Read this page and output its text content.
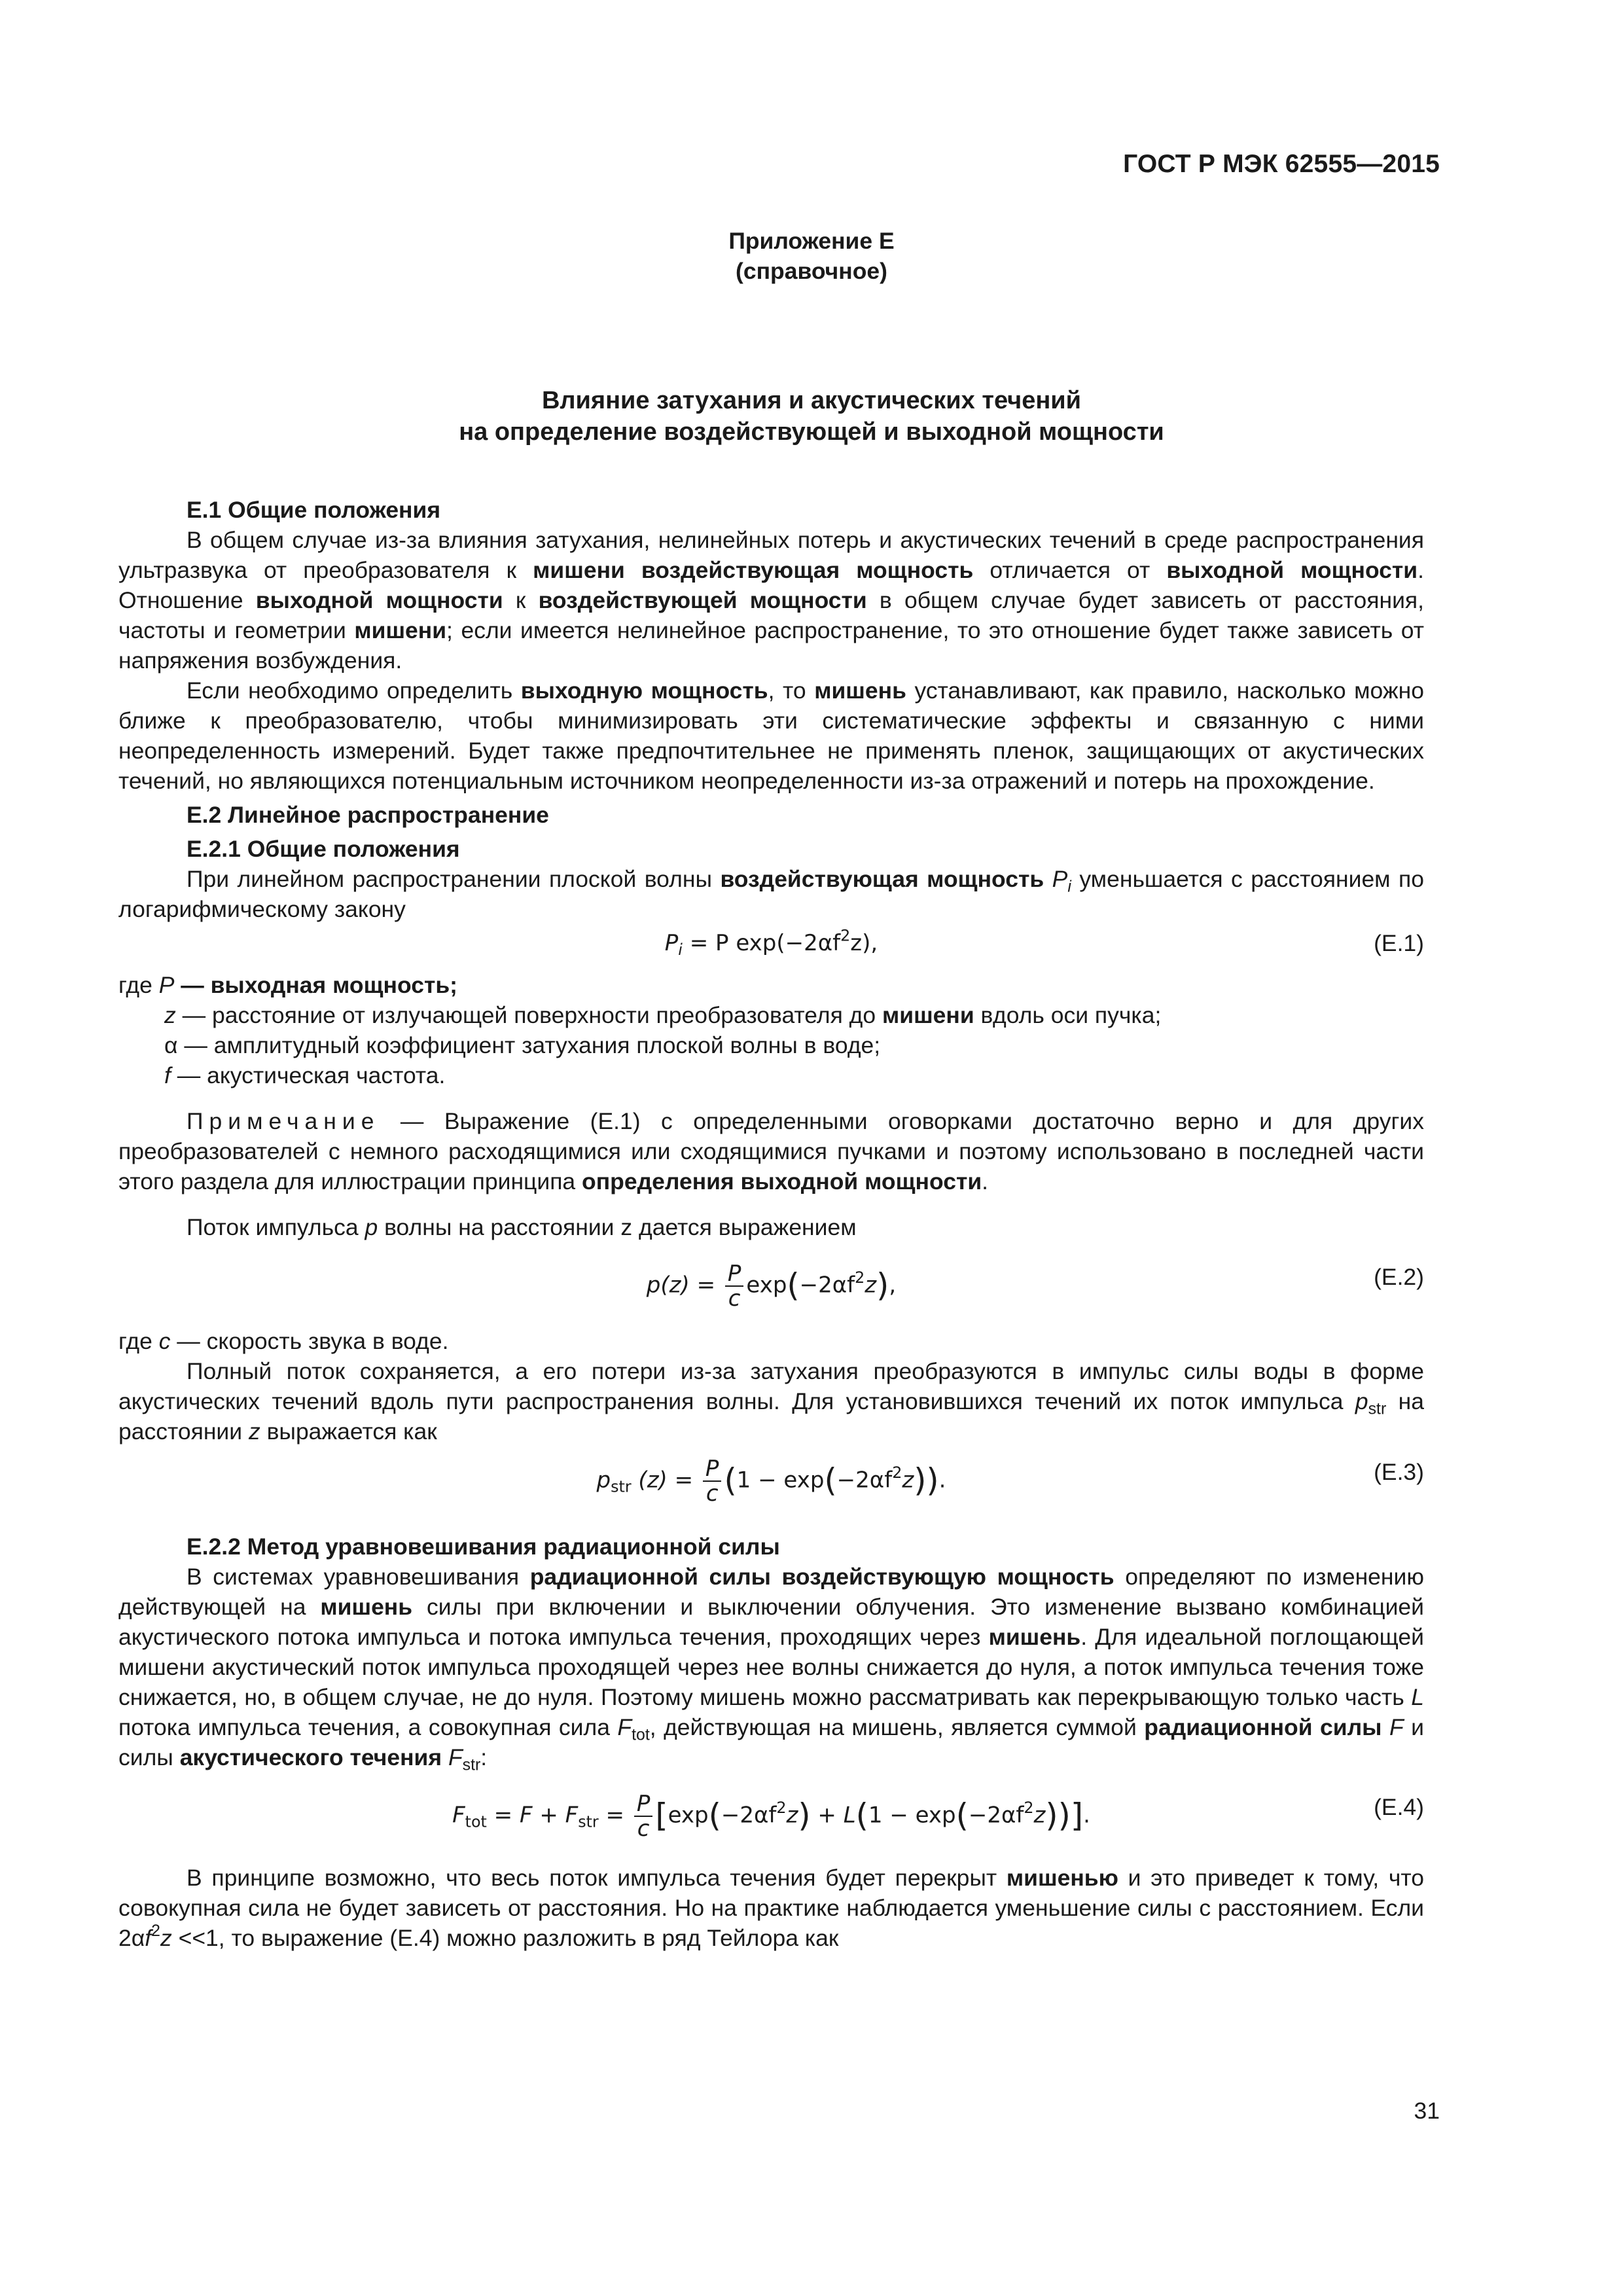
ГОСТ Р МЭК 62555—2015
Приложение Е
(справочное)
Влияние затухания и акустических течений
на определение воздействующей и выходной мощности
Е.1 Общие положения

В общем случае из-за влияния затухания, нелинейных потерь и акустических течений в среде распространения ультразвука от преобразователя к мишени воздействующая мощность отличается от выходной мощности. Отношение выходной мощности к воздействующей мощности в общем случае будет зависеть от расстояния, частоты и геометрии мишени; если имеется нелинейное распространение, то это отношение будет также зависеть от напряжения возбуждения.

Если необходимо определить выходную мощность, то мишень устанавливают, как правило, насколько можно ближе к преобразователю, чтобы минимизировать эти систематические эффекты и связанную с ними неопределенность измерений. Будет также предпочтительнее не применять пленок, защищающих от акустических течений, но являющихся потенциальным источником неопределенности из-за отражений и потерь на прохождение.

Е.2 Линейное распространение
Е.2.1 Общие положения

При линейном распространении плоской волны воздействующая мощность $P_i$ уменьшается с расстоянием по логарифмическому закону

$P_i = P$ $\exp(-2\alpha f^2z)$,	(Е.1)

где P — выходная мощность;

z — расстояние от излучающей поверхности преобразователя до мишени вдоль оси пучка;
α — амплитудный коэффициент затухания плоской волны в воде;
f — акустическая частота.

Примечание — Выражение (Е.1) с определенными оговорками достаточно верно и для других преобразователей с немного расходящимися или сходящимися пучками и поэтому использовано в последней части этого раздела для иллюстрации принципа определения выходной мощности.

Поток импульса p волны на расстоянии z дается выражением

$p(z) = \frac{P}{c} \exp(-2\alpha f^2z)$,	(Е.2)

где c — скорость звука в воде.

Полный поток сохраняется, а его потери из-за затухания преобразуются в импульс силы воды в форме акустических течений вдоль пути распространения волны. Для установившихся течений их поток импульса $p_{str}$ на расстоянии z выражается как

$p_{str}$ $(z) = \frac{P}{c} (1 - \exp(-2\alpha f^2z))$.	(Е.3)
Е.2.2 Метод уравновешивания радиационной силы

В системах уравновешивания радиационной силы воздействующую мощность определяют по изменению действующей на мишень силы при включении и выключении облучения. Это изменение вызвано комбинацией акустического потока импульса и потока импульса течения, проходящих через мишень. Для идеальной поглощающей мишени акустический поток импульса проходящей через нее волны снижается до нуля, а поток импульса течения тоже снижается, но, в общем случае, не до нуля. Поэтому мишень можно рассматривать как перекрывающую только часть L потока импульса течения, а совокупная сила $F_{tot}$, действующая на мишень, является суммой радиационной силы F и силы акустического течения $F_{str}$:

$F_{tot} = F + F_{str} = \frac{P}{c} [\exp(-2\alpha f^2z) + L(1 - \exp(-2\alpha f^2z))]$.	(Е.4)

В принципе возможно, что весь поток импульса течения будет перекрыт мишенью и это приведет к тому, что совокупная сила не будет зависеть от расстояния. Но на практике наблюдается уменьшение силы с расстоянием. Если $2\alpha f^2z <<1$, то выражение (Е.4) можно разложить в ряд Тейлора как

31
